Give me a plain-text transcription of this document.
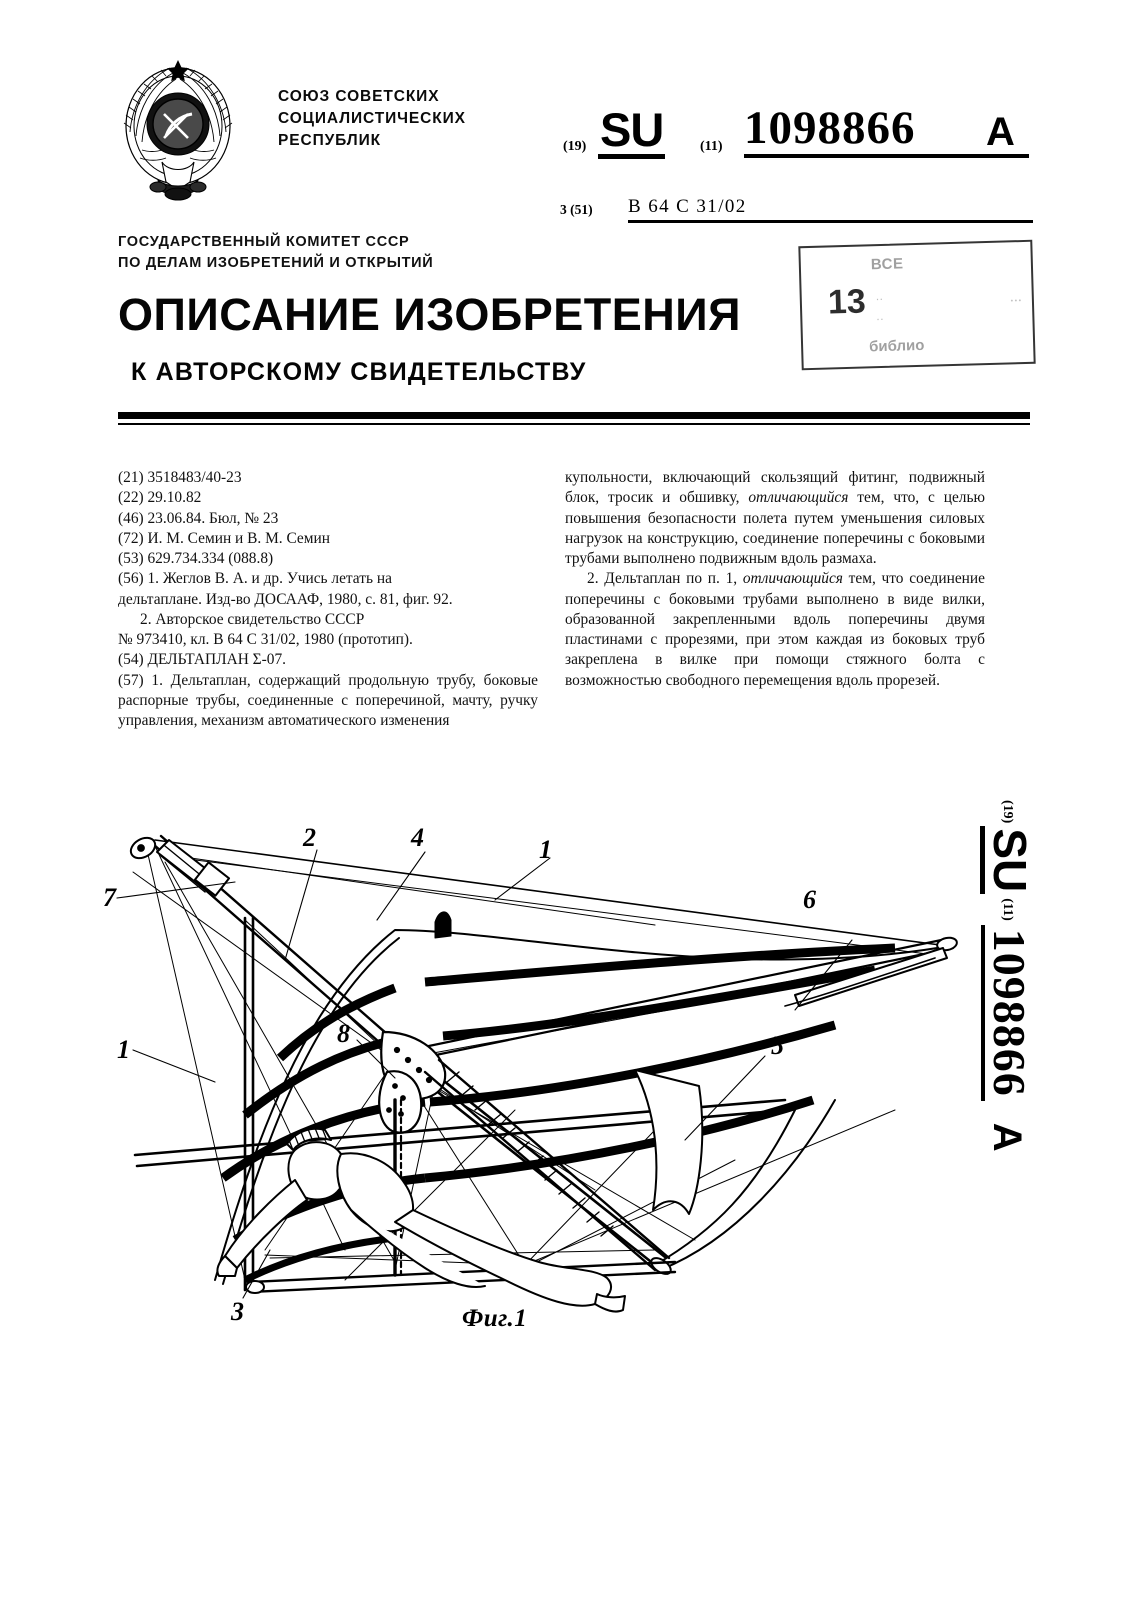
СОЮЗ СОВЕТСКИХ
СОЦИАЛИСТИЧЕСКИХ
РЕСПУБЛИК	(19) SU	(11) 1098866	A
3 (51) B 64 C 31/02
ГОСУДАРСТВЕННЫЙ КОМИТЕТ СССР
ПО ДЕЛАМ ИЗОБРЕТЕНИЙ И ОТКРЫТИЙ
ОПИСАНИЕ ИЗОБРЕТЕНИЯ
К АВТОРСКОМУ СВИДЕТЕЛЬСТВУ
13
ВСЕ
..
..
библио
...

(21) 3518483/40-23

(22) 29.10.82

(46) 23.06.84. Бюл, № 23

(72) И. М. Семин и В. М. Семин

(53) 629.734.334 (088.8)

(56) 1. Жеглов В. А. и др. Учись летать на

дельтаплане. Изд-во ДОСААФ, 1980, с. 81, фиг. 92.

2. Авторское свидетельство СССР

№ 973410, кл. B 64 C 31/02, 1980 (прототип).

(54) ДЕЛЬТАПЛАН Σ-07.

(57) 1. Дельтаплан, содержащий продольную трубу, боковые распорные трубы, соединенные с поперечиной, мачту, ручку управления, механизм автоматического изменения

купольности, включающий скользящий фитинг, подвижный блок, тросик и обшивку, отличающийся тем, что, с целью повышения безопасности полета путем уменьшения силовых нагрузок на конструкцию, соединение поперечины с боковыми трубами выполнено подвижным вдоль размаха.

2. Дельтаплан по п. 1, отличающийся тем, что соединение поперечины с боковыми трубами выполнено в виде вилки, образованной закрепленными вдоль поперечины двумя пластинами с прорезями, при этом каждая из боковых труб закреплена в вилке при помощи стяжного болта с возможностью свободного перемещения вдоль прорезей.

(19)
SU
(11)
1098866
A
7
2	4	1
1
8
6
5
3	Фиг.1
